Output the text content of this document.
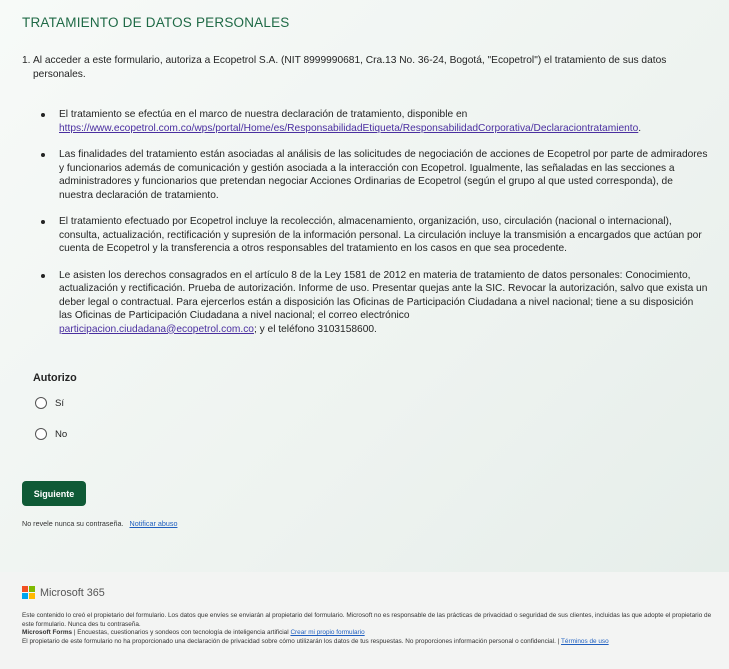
TRATAMIENTO DE DATOS PERSONALES
1. Al acceder a este formulario, autoriza a Ecopetrol S.A. (NIT 8999990681, Cra.13 No. 36-24, Bogotá, "Ecopetrol") el tratamiento de sus datos personales.
El tratamiento se efectúa en el marco de nuestra declaración de tratamiento, disponible en
https://www.ecopetrol.com.co/wps/portal/Home/es/ResponsabilidadEtiqueta/ResponsabilidadCorporativa/Declaraciontratamiento.
Las finalidades del tratamiento están asociadas al análisis de las solicitudes de negociación de acciones de Ecopetrol por parte de admiradores y funcionarios además de comunicación y gestión asociada a la interacción con Ecopetrol. Igualmente, las señaladas en las secciones a administradores y funcionarios que pretendan negociar Acciones Ordinarias de Ecopetrol (según el grupo al que usted corresponda), de nuestra declaración de tratamiento.
El tratamiento efectuado por Ecopetrol incluye la recolección, almacenamiento, organización, uso, circulación (nacional o internacional), consulta, actualización, rectificación y supresión de la información personal. La circulación incluye la transmisión a encargados que actúan por cuenta de Ecopetrol y la transferencia a otros responsables del tratamiento en los casos en que sea procedente.
Le asisten los derechos consagrados en el artículo 8 de la Ley 1581 de 2012 en materia de tratamiento de datos personales: Conocimiento, actualización y rectificación. Prueba de autorización. Informe de uso. Presentar quejas ante la SIC. Revocar la autorización, salvo que exista un deber legal o contractual. Para ejercerlos están a disposición las Oficinas de Participación Ciudadana a nivel nacional; tiene a su disposición las Oficinas de Participación Ciudadana a nivel nacional; el correo electrónico
participacion.ciudadana@ecopetrol.com.co; y el teléfono 3103158600.
Autorizo
Sí
No
Siguiente
No revele nunca su contraseña. Notificar abuso
Microsoft 365

Este contenido lo creó el propietario del formulario. Los datos que envíes se enviarán al propietario del formulario. Microsoft no es responsable de las prácticas de privacidad o seguridad de sus clientes, incluidas las que adopte el propietario de este formulario. Nunca des tu contraseña.

Microsoft Forms | Encuestas, cuestionarios y sondeos con tecnología de inteligencia artificial Crear mi propio formulario

El propietario de este formulario no ha proporcionado una declaración de privacidad sobre cómo utilizarán los datos de tus respuestas. No proporciones información personal o confidencial. | Términos de uso
